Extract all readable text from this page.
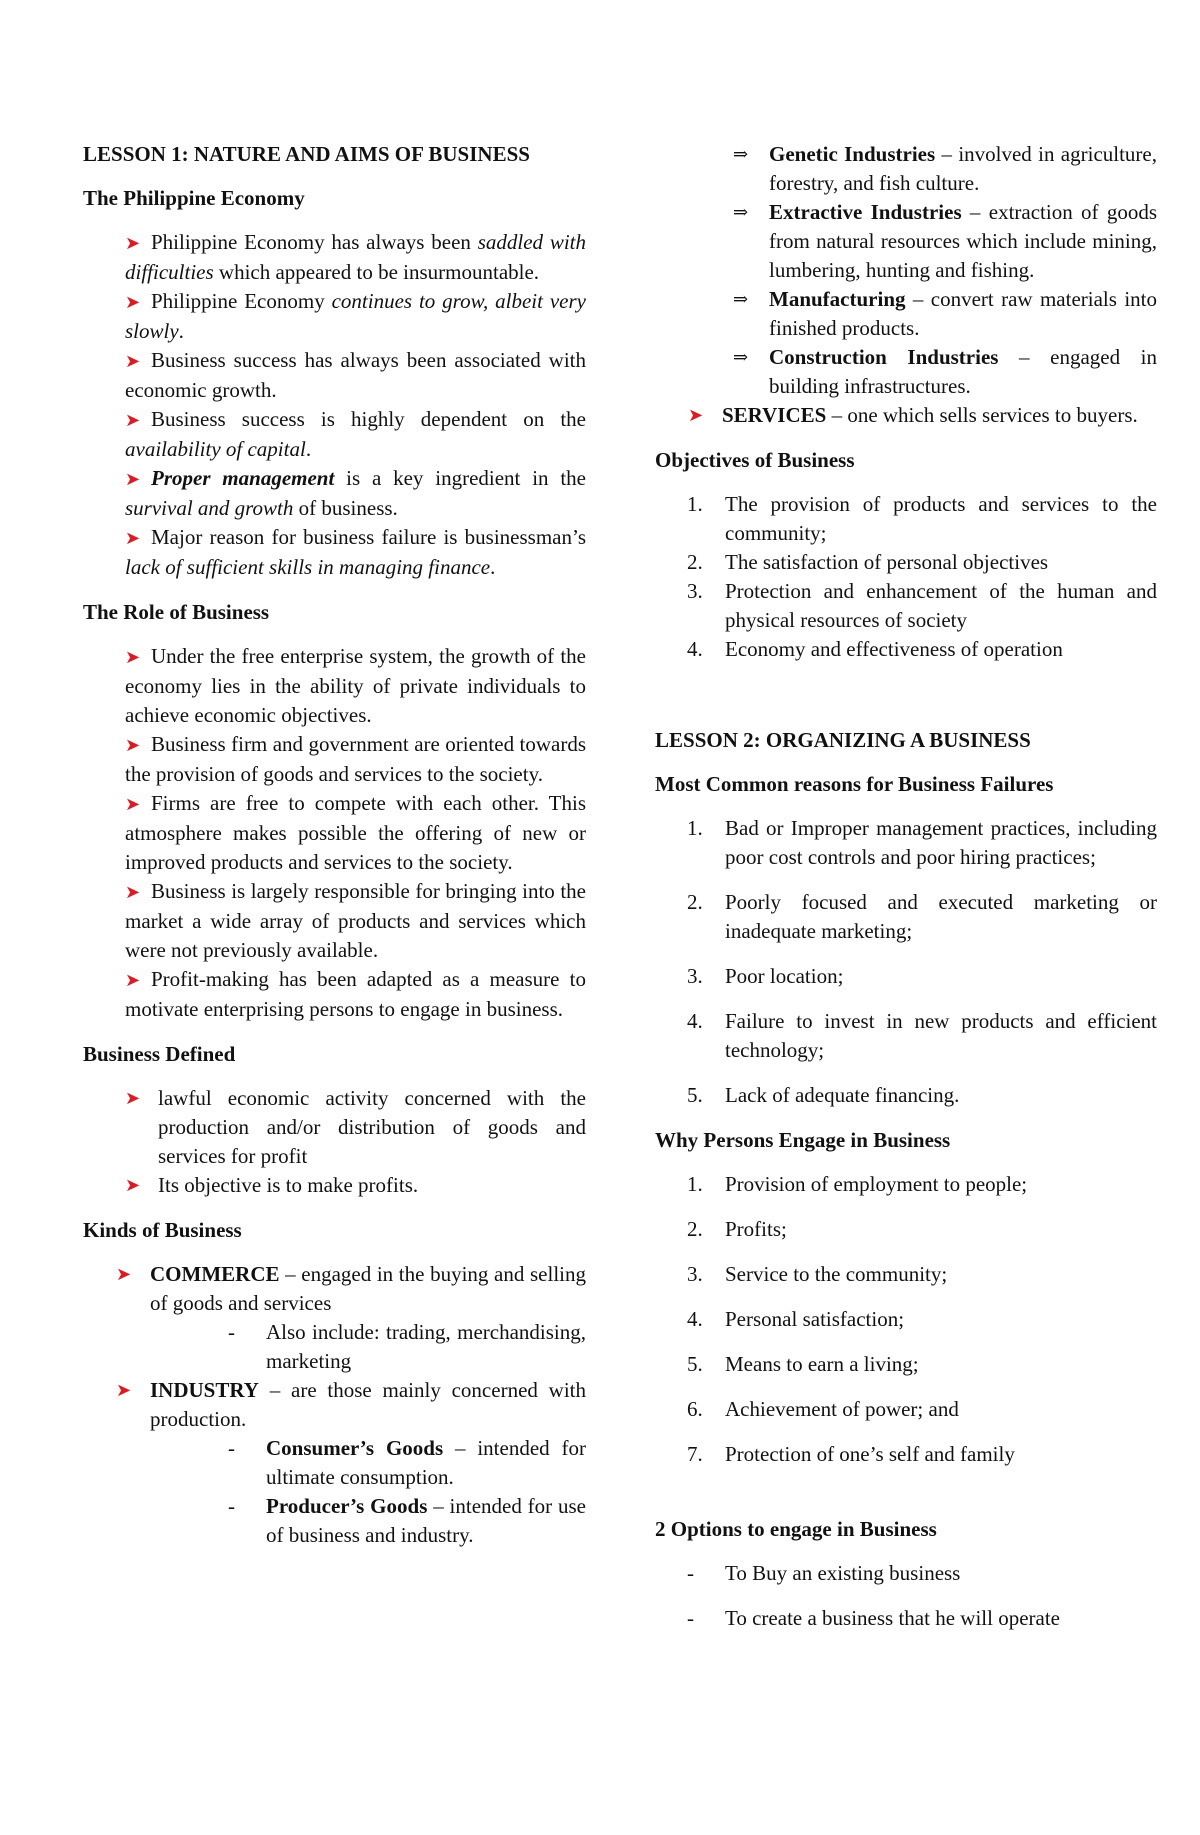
LESSON 1: NATURE AND AIMS OF BUSINESS
The Philippine Economy
➤ Philippine Economy has always been saddled with difficulties which appeared to be insurmountable.
➤ Philippine Economy continues to grow, albeit very slowly.
➤ Business success has always been associated with economic growth.
➤ Business success is highly dependent on the availability of capital.
➤ Proper management is a key ingredient in the survival and growth of business.
➤ Major reason for business failure is businessman’s lack of sufficient skills in managing finance.
The Role of Business
➤ Under the free enterprise system, the growth of the economy lies in the ability of private individuals to achieve economic objectives.
➤ Business firm and government are oriented towards the provision of goods and services to the society.
➤ Firms are free to compete with each other. This atmosphere makes possible the offering of new or improved products and services to the society.
➤ Business is largely responsible for bringing into the market a wide array of products and services which were not previously available.
➤ Profit-making has been adapted as a measure to motivate enterprising persons to engage in business.
Business Defined
➤ lawful economic activity concerned with the production and/or distribution of goods and services for profit
➤ Its objective is to make profits.
Kinds of Business
➤ COMMERCE – engaged in the buying and selling of goods and services
- Also include: trading, merchandising, marketing
➤ INDUSTRY – are those mainly concerned with production.
- Consumer’s Goods – intended for ultimate consumption.
- Producer’s Goods – intended for use of business and industry.
⇒ Genetic Industries – involved in agriculture, forestry, and fish culture.
⇒ Extractive Industries – extraction of goods from natural resources which include mining, lumbering, hunting and fishing.
⇒ Manufacturing – convert raw materials into finished products.
⇒ Construction Industries – engaged in building infrastructures.
➤ SERVICES – one which sells services to buyers.
Objectives of Business
1. The provision of products and services to the community;
2. The satisfaction of personal objectives
3. Protection and enhancement of the human and physical resources of society
4. Economy and effectiveness of operation
LESSON 2: ORGANIZING A BUSINESS
Most Common reasons for Business Failures
1. Bad or Improper management practices, including poor cost controls and poor hiring practices;
2. Poorly focused and executed marketing or inadequate marketing;
3. Poor location;
4. Failure to invest in new products and efficient technology;
5. Lack of adequate financing.
Why Persons Engage in Business
1. Provision of employment to people;
2. Profits;
3. Service to the community;
4. Personal satisfaction;
5. Means to earn a living;
6. Achievement of power; and
7. Protection of one’s self and family
2 Options to engage in Business
- To Buy an existing business
- To create a business that he will operate
